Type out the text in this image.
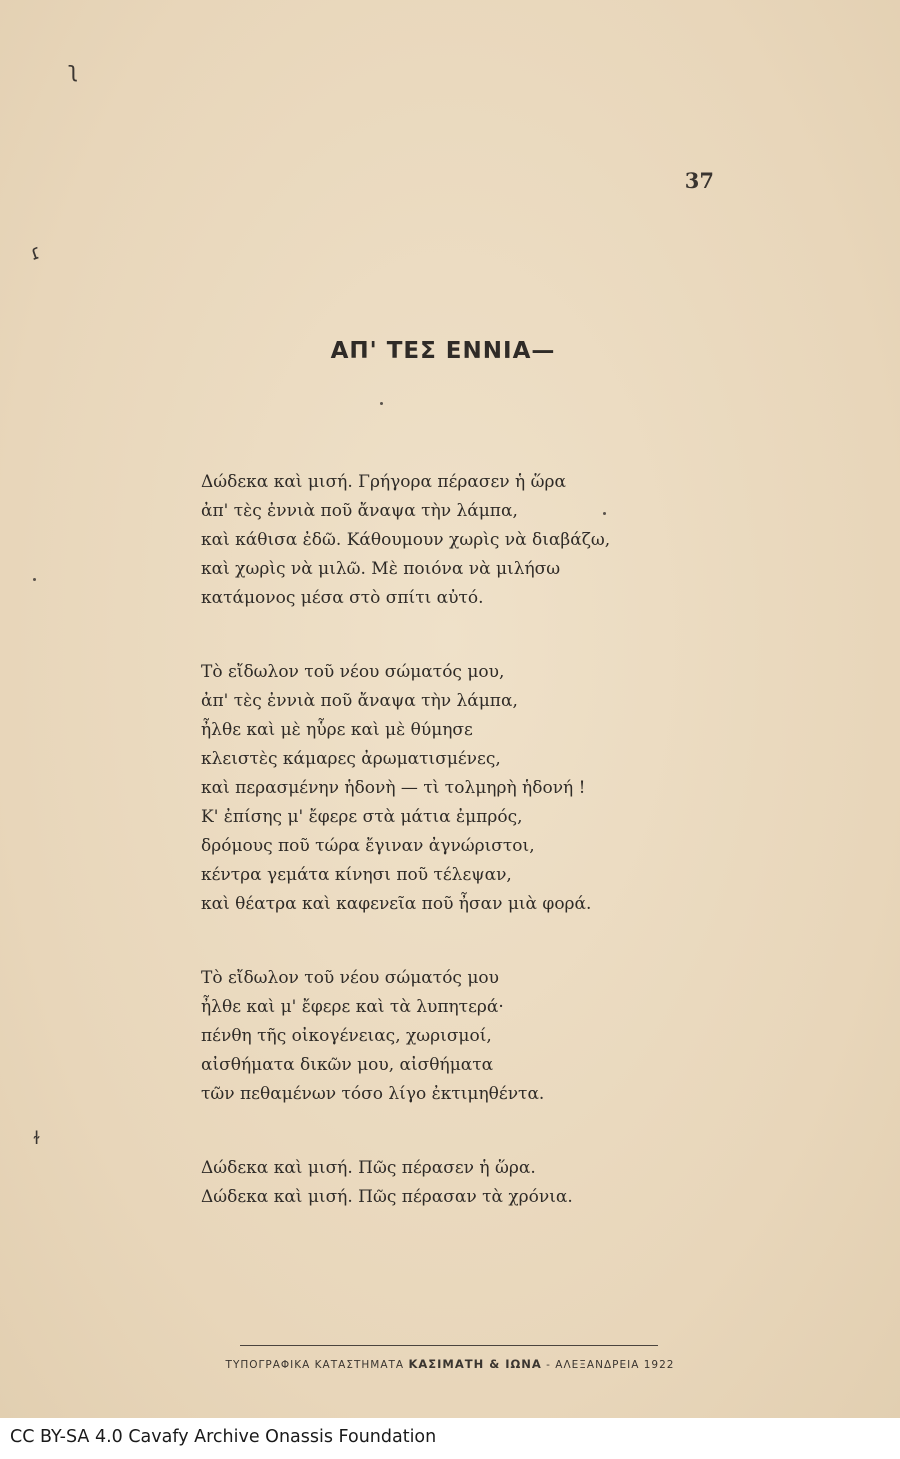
ʅ
ɾ
ɫ
37
ΑΠ' ΤΕΣ ΕΝΝΙΑ—
Δώδεκα καὶ μισή. Γρήγορα πέρασεν ἡ ὥρα
ἀπ' τὲς ἐννιὰ ποῦ ἄναψα τὴν λάμπα,
καὶ κάθισα ἐδῶ. Κάθουμουν χωρὶς νὰ διαβάζω,
καὶ χωρὶς νὰ μιλῶ. Μὲ ποιόνα νὰ μιλήσω
κατάμονος μέσα στὸ σπίτι αὐτό.
Τὸ εἴδωλον τοῦ νέου σώματός μου,
ἀπ' τὲς ἐννιὰ ποῦ ἄναψα τὴν λάμπα,
ἦλθε καὶ μὲ ηὗρε καὶ μὲ θύμησε
κλειστὲς κάμαρες ἀρωματισμένες,
καὶ περασμένην ἡδονὴ — τὶ τολμηρὴ ἡδονή !
Κ' ἐπίσης μ' ἔφερε στὰ μάτια ἐμπρός,
δρόμους ποῦ τώρα ἔγιναν ἀγνώριστοι,
κέντρα γεμάτα κίνησι ποῦ τέλεψαν,
καὶ θέατρα καὶ καφενεῖα ποῦ ἦσαν μιὰ φορά.
Τὸ εἴδωλον τοῦ νέου σώματός μου
ἦλθε καὶ μ' ἔφερε καὶ τὰ λυπητερά·
πένθη τῆς οἰκογένειας, χωρισμοί,
αἰσθήματα δικῶν μου, αἰσθήματα
τῶν πεθαμένων τόσο λίγο ἐκτιμηθέντα.
Δώδεκα καὶ μισή. Πῶς πέρασεν ἡ ὥρα.
Δώδεκα καὶ μισή. Πῶς πέρασαν τὰ χρόνια.
ΤΥΠΟΓΡΑΦΙΚΑ ΚΑΤΑΣΤΗΜΑΤΑ ΚΑΣΙΜΑΤΗ & ΙΩΝΑ - ΑΛΕΞΑΝΔΡΕΙΑ 1922
CC BY-SA 4.0 Cavafy Archive Onassis Foundation
